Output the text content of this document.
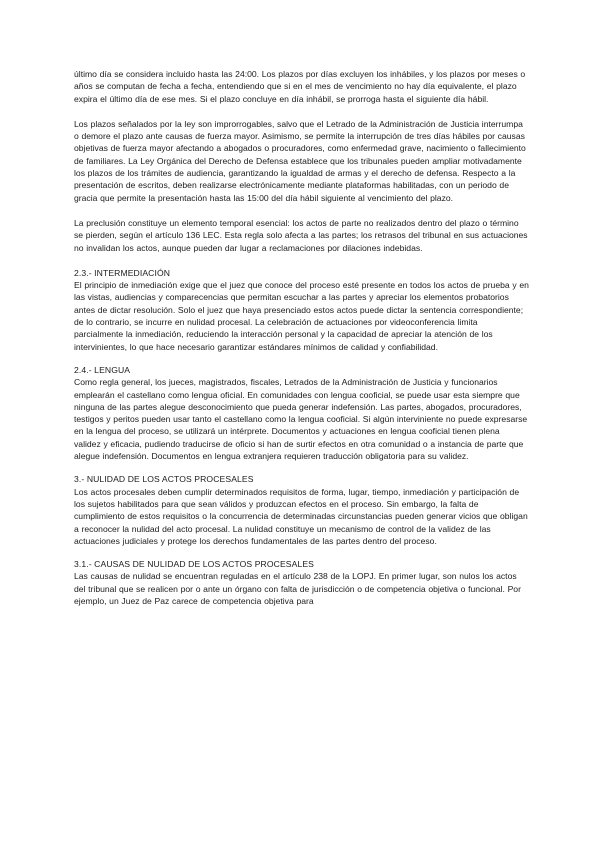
último día se considera incluido hasta las 24:00. Los plazos por días excluyen los inhábiles, y los plazos por meses o años se computan de fecha a fecha, entendiendo que si en el mes de vencimiento no hay día equivalente, el plazo expira el último día de ese mes. Si el plazo concluye en día inhábil, se prorroga hasta el siguiente día hábil.

Los plazos señalados por la ley son improrrogables, salvo que el Letrado de la Administración de Justicia interrumpa o demore el plazo ante causas de fuerza mayor. Asimismo, se permite la interrupción de tres días hábiles por causas objetivas de fuerza mayor afectando a abogados o procuradores, como enfermedad grave, nacimiento o fallecimiento de familiares. La Ley Orgánica del Derecho de Defensa establece que los tribunales pueden ampliar motivadamente los plazos de los trámites de audiencia, garantizando la igualdad de armas y el derecho de defensa. Respecto a la presentación de escritos, deben realizarse electrónicamente mediante plataformas habilitadas, con un periodo de gracia que permite la presentación hasta las 15:00 del día hábil siguiente al vencimiento del plazo.

La preclusión constituye un elemento temporal esencial: los actos de parte no realizados dentro del plazo o término se pierden, según el artículo 136 LEC. Esta regla solo afecta a las partes; los retrasos del tribunal en sus actuaciones no invalidan los actos, aunque pueden dar lugar a reclamaciones por dilaciones indebidas.

2.3.- INTERMEDIACIÓN

El principio de inmediación exige que el juez que conoce del proceso esté presente en todos los actos de prueba y en las vistas, audiencias y comparecencias que permitan escuchar a las partes y apreciar los elementos probatorios antes de dictar resolución. Solo el juez que haya presenciado estos actos puede dictar la sentencia correspondiente; de lo contrario, se incurre en nulidad procesal. La celebración de actuaciones por videoconferencia limita parcialmente la inmediación, reduciendo la interacción personal y la capacidad de apreciar la atención de los intervinientes, lo que hace necesario garantizar estándares mínimos de calidad y confiabilidad.

2.4.- LENGUA

Como regla general, los jueces, magistrados, fiscales, Letrados de la Administración de Justicia y funcionarios emplearán el castellano como lengua oficial. En comunidades con lengua cooficial, se puede usar esta siempre que ninguna de las partes alegue desconocimiento que pueda generar indefensión. Las partes, abogados, procuradores, testigos y peritos pueden usar tanto el castellano como la lengua cooficial. Si algún interviniente no puede expresarse en la lengua del proceso, se utilizará un intérprete. Documentos y actuaciones en lengua cooficial tienen plena validez y eficacia, pudiendo traducirse de oficio si han de surtir efectos en otra comunidad o a instancia de parte que alegue indefensión. Documentos en lengua extranjera requieren traducción obligatoria para su validez.

3.- NULIDAD DE LOS ACTOS PROCESALES

Los actos procesales deben cumplir determinados requisitos de forma, lugar, tiempo, inmediación y participación de los sujetos habilitados para que sean válidos y produzcan efectos en el proceso. Sin embargo, la falta de cumplimiento de estos requisitos o la concurrencia de determinadas circunstancias pueden generar vicios que obligan a reconocer la nulidad del acto procesal. La nulidad constituye un mecanismo de control de la validez de las actuaciones judiciales y protege los derechos fundamentales de las partes dentro del proceso.

3.1.- CAUSAS DE NULIDAD DE LOS ACTOS PROCESALES

Las causas de nulidad se encuentran reguladas en el artículo 238 de la LOPJ. En primer lugar, son nulos los actos del tribunal que se realicen por o ante un órgano con falta de jurisdicción o de competencia objetiva o funcional. Por ejemplo, un Juez de Paz carece de competencia objetiva para
